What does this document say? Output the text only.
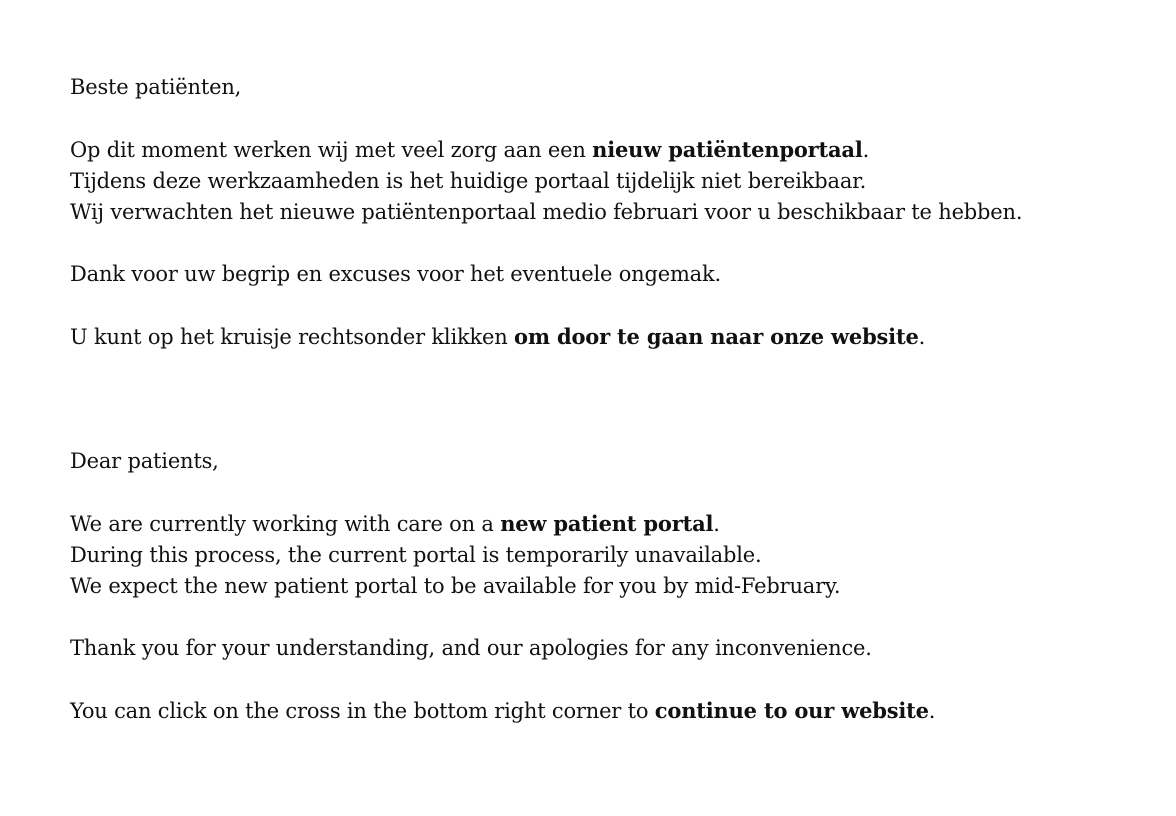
Beste patiënten,

Op dit moment werken wij met veel zorg aan een nieuw patiëntenportaal.
Tijdens deze werkzaamheden is het huidige portaal tijdelijk niet bereikbaar.
Wij verwachten het nieuwe patiëntenportaal medio februari voor u beschikbaar te hebben.

Dank voor uw begrip en excuses voor het eventuele ongemak.

U kunt op het kruisje rechtsonder klikken om door te gaan naar onze website.

Dear patients,

We are currently working with care on a new patient portal.
During this process, the current portal is temporarily unavailable.
We expect the new patient portal to be available for you by mid-February.

Thank you for your understanding, and our apologies for any inconvenience.

You can click on the cross in the bottom right corner to continue to our website.
